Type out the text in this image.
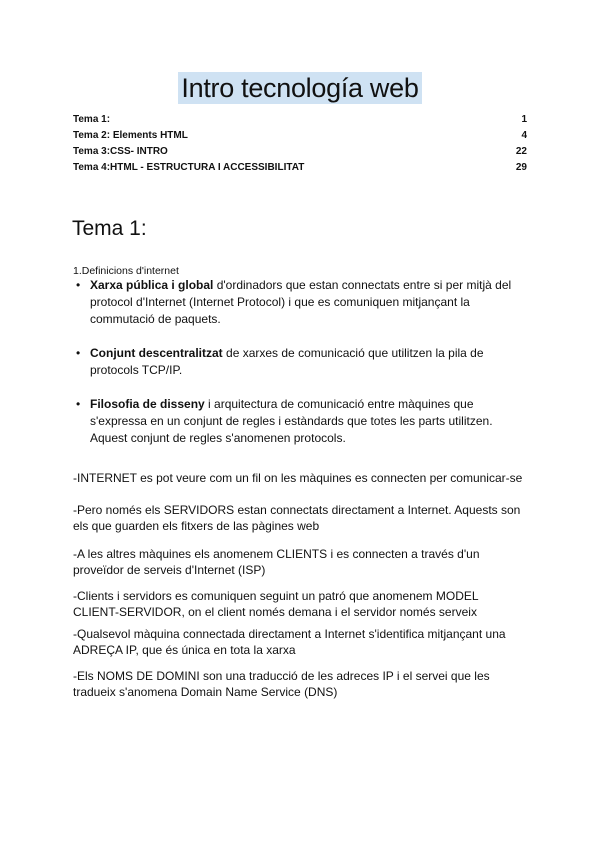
Intro tecnología web
Tema 1:	1
Tema 2: Elements HTML	4
Tema 3:CSS- INTRO	22
Tema 4:HTML - ESTRUCTURA I ACCESSIBILITAT	29
Tema 1:
1.Definicions d'internet
• Xarxa pública i global d'ordinadors que estan connectats entre si per mitjà del protocol d'Internet (Internet Protocol) i que es comuniquen mitjançant la commutació de paquets.
• Conjunt descentralitzat de xarxes de comunicació que utilitzen la pila de protocols TCP/IP.
• Filosofia de disseny i arquitectura de comunicació entre màquines que s'expressa en un conjunt de regles i estàndards que totes les parts utilitzen. Aquest conjunt de regles s'anomenen protocols.
-INTERNET es pot veure com un fil on les màquines es connecten per comunicar-se
-Pero només els SERVIDORS estan connectats directament a Internet. Aquests son els que guarden els fitxers de las pàgines web
-A les altres màquines els anomenem CLIENTS i es connecten a través d'un proveïdor de serveis d'Internet (ISP)
-Clients i servidors es comuniquen seguint un patró que anomenem MODEL CLIENT-SERVIDOR, on el client només demana i el servidor només serveix
-Qualsevol màquina connectada directament a Internet s'identifica mitjançant una ADREÇA IP, que és única en tota la xarxa
-Els NOMS DE DOMINI son una traducció de les adreces IP i el servei que les tradueix s'anomena Domain Name Service (DNS)
